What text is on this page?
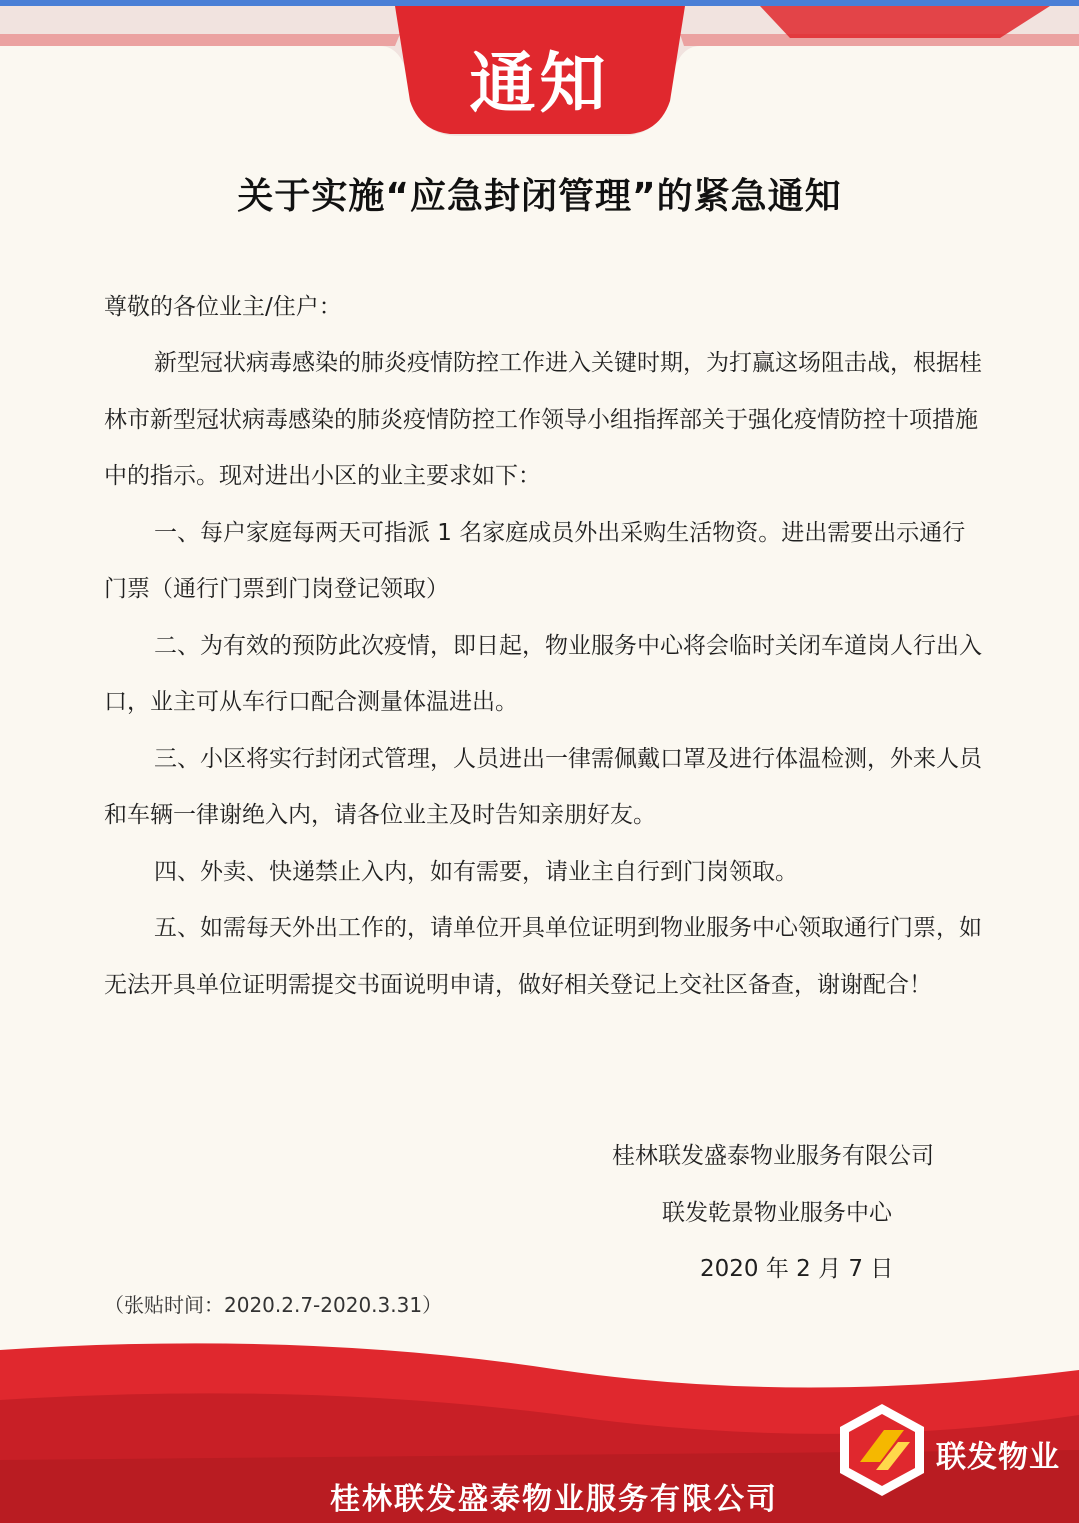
通知
关于实施“应急封闭管理”的紧急通知
尊敬的各位业主/住户：

新型冠状病毒感染的肺炎疫情防控工作进入关键时期，为打赢这场阻击战，根据桂林市新型冠状病毒感染的肺炎疫情防控工作领导小组指挥部关于强化疫情防控十项措施中的指示。现对进出小区的业主要求如下：

一、每户家庭每两天可指派 1 名家庭成员外出采购生活物资。进出需要出示通行门票（通行门票到门岗登记领取）

二、为有效的预防此次疫情，即日起，物业服务中心将会临时关闭车道岗人行出入口，业主可从车行口配合测量体温进出。

三、小区将实行封闭式管理，人员进出一律需佩戴口罩及进行体温检测，外来人员和车辆一律谢绝入内，请各位业主及时告知亲朋好友。

四、外卖、快递禁止入内，如有需要，请业主自行到门岗领取。

五、如需每天外出工作的，请单位开具单位证明到物业服务中心领取通行门票，如无法开具单位证明需提交书面说明申请，做好相关登记上交社区备查，谢谢配合！

桂林联发盛泰物业服务有限公司
联发乾景物业服务中心
2020 年 2 月 7 日
（张贴时间：2020.2.7-2020.3.31）
联发物业
桂林联发盛泰物业服务有限公司
